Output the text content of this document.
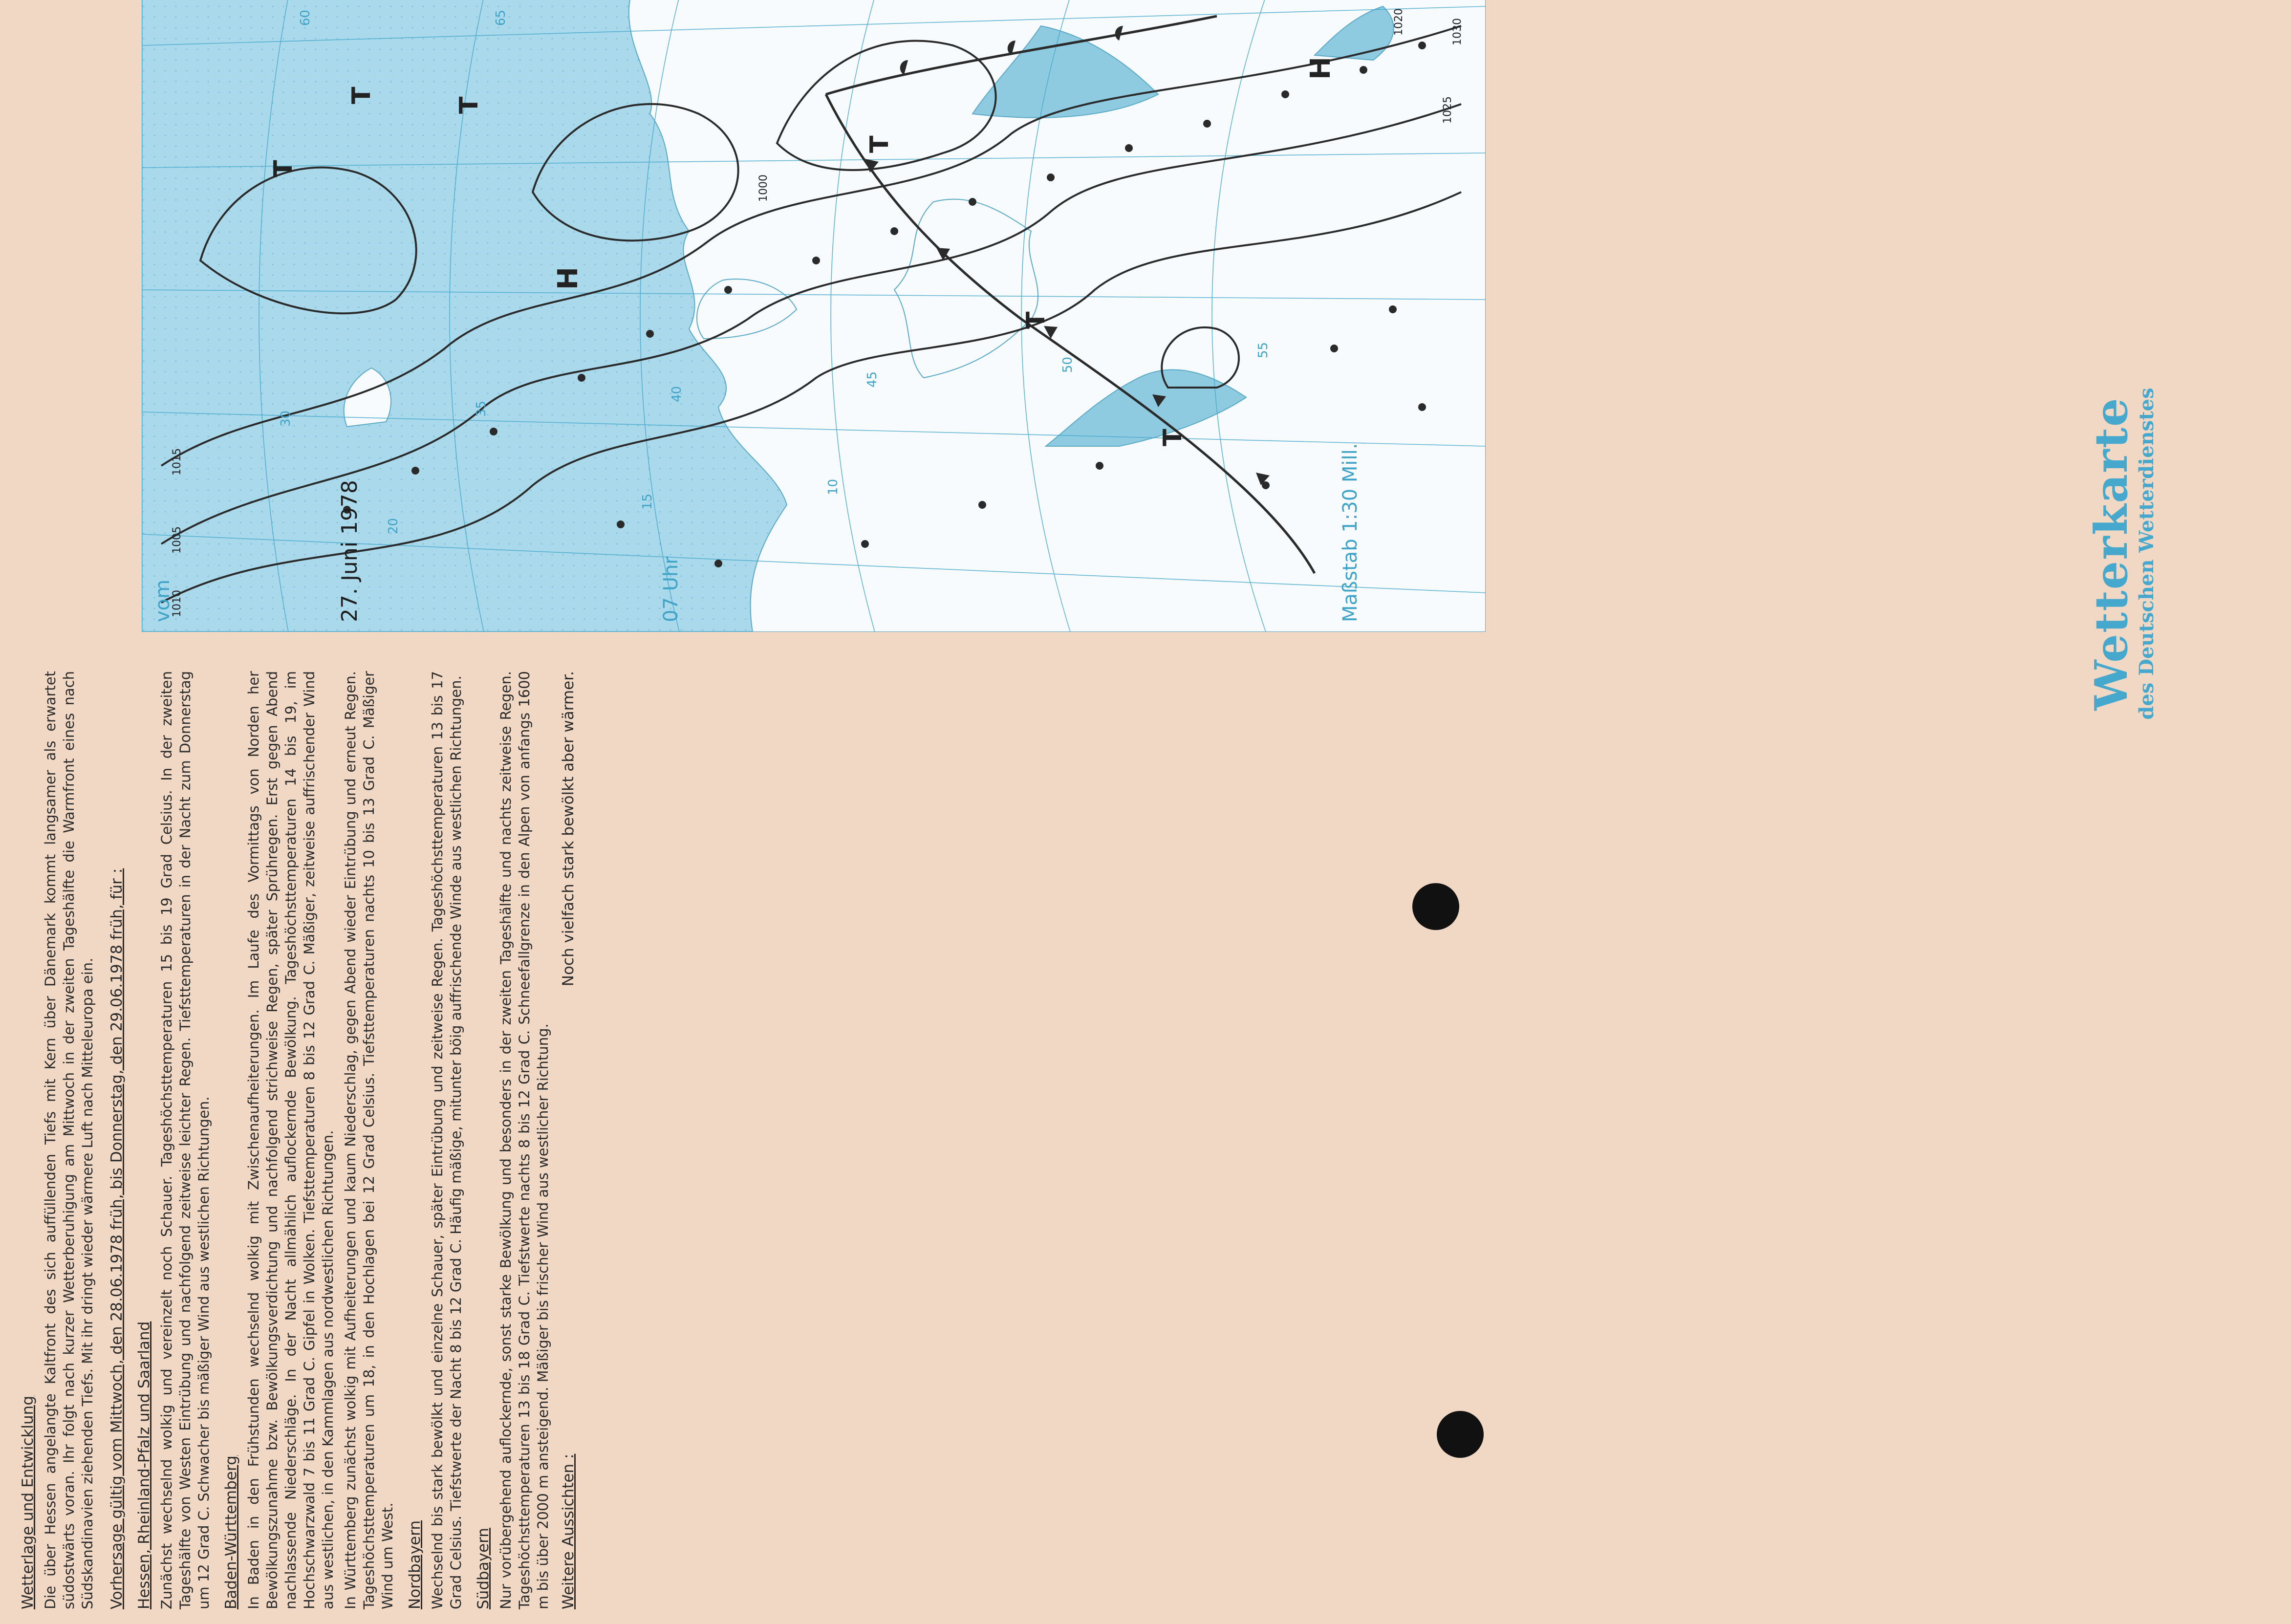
Wetterkarte
des Deutschen Wetterdienstes

H
H
T
T
T
T
T
T
1010
1005
1015
1020
1025
1000
1030
30
35
40
45
50
55
60	65
20
15
10
vom	27. Juni 1978	07 Uhr	Maßstab 1:30 Mill.
Wetterlage und Entwicklung Die über Hessen angelangte Kaltfront des sich auffüllenden Tiefs mit Kern über Dänemark kommt langsamer als erwartet südostwärts voran. Ihr folgt nach kurzer Wetterberuhigung am Mittwoch in der zweiten Tageshälfte die Warmfront eines nach Südskandinavien ziehenden Tiefs. Mit ihr dringt wieder wärmere Luft nach Mitteleuropa ein. Vorhersage gültig vom Mittwoch, den 28.06.1978 früh, bis Donnerstag, den 29.06.1978 früh, für : Hessen, Rheinland-Pfalz und Saarland Zunächst wechselnd wolkig und vereinzelt noch Schauer. Tageshöchsttemperaturen 15 bis 19 Grad Celsius. In der zweiten Tageshälfte von Westen Eintrübung und nachfolgend zeitweise leichter Regen. Tiefsttemperaturen in der Nacht zum Donnerstag um 12 Grad C. Schwacher bis mäßiger Wind aus westlichen Richtungen. Baden-Württemberg In Baden in den Frühstunden wechselnd wolkig mit Zwischenaufheiterungen. Im Laufe des Vormittags von Norden her Bewölkungszunahme bzw. Bewölkungsverdichtung und nachfolgend strichweise Regen, später Sprühregen. Erst gegen Abend nachlassende Niederschläge. In der Nacht allmählich auflockernde Bewölkung. Tageshöchsttemperaturen 14 bis 19, im Hochschwarzwald 7 bis 11 Grad C. Gipfel in Wolken. Tiefsttemperaturen 8 bis 12 Grad C. Mäßiger, zeitweise auffrischender Wind aus westlichen, in den Kammlagen aus nordwestlichen Richtungen. In Württemberg zunächst wolkig mit Aufheiterungen und kaum Niederschlag, gegen Abend wieder Eintrübung und erneut Regen. Tageshöchsttemperaturen um 18, in den Hochlagen bei 12 Grad Celsius. Tiefsttemperaturen nachts 10 bis 13 Grad C. Mäßiger Wind um West. Nordbayern Wechselnd bis stark bewölkt und einzelne Schauer, später Eintrübung und zeitweise Regen. Tageshöchsttemperaturen 13 bis 17 Grad Celsius. Tiefstwerte der Nacht 8 bis 12 Grad C. Häufig mäßige, mitunter böig auffrischende Winde aus westlichen Richtungen. Südbayern Nur vorübergehend auflockernde, sonst starke Bewölkung und besonders in der zweiten Tageshälfte und nachts zeitweise Regen. Tageshöchsttemperaturen 13 bis 18 Grad C. Tiefstwerte nachts 8 bis 12 Grad C. Schneefallgrenze in den Alpen von anfangs 1600 m bis über 2000 m ansteigend. Mäßiger bis frischer Wind aus westlicher Richtung. Weitere Aussichten :
Noch vielfach stark bewölkt aber wärmer.
